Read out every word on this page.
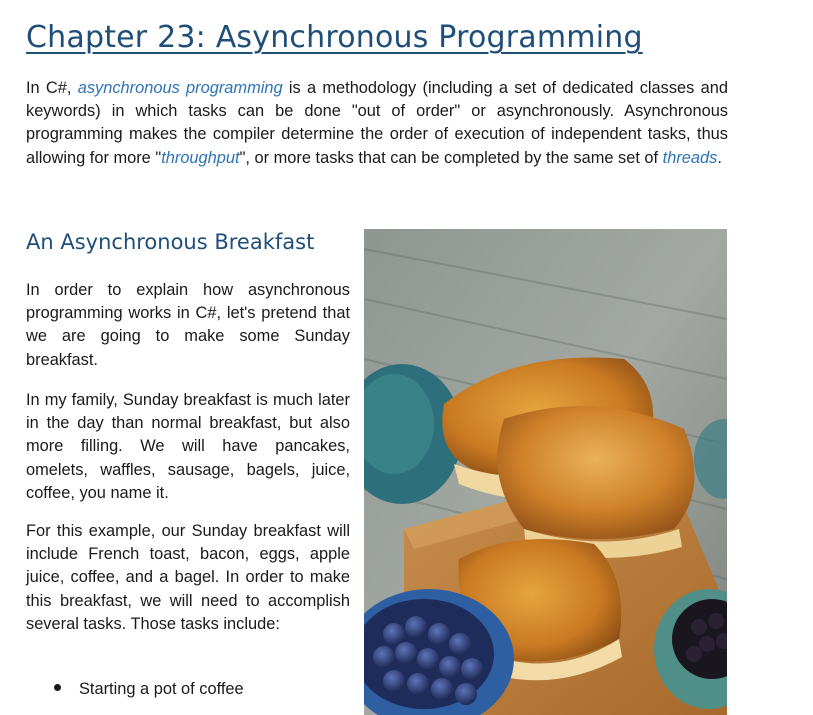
Chapter 23: Asynchronous Programming

In C#, asynchronous programming is a methodology (including a set of dedicated classes and keywords) in which tasks can be done "out of order" or asynchronously. Asynchronous programming makes the compiler determine the order of execution of independent tasks, thus allowing for more "throughput", or more tasks that can be completed by the same set of threads.

An Asynchronous Breakfast

In order to explain how asynchronous programming works in C#, let's pretend that we are going to make some Sunday breakfast.

In my family, Sunday breakfast is much later in the day than normal breakfast, but also more filling. We will have pancakes, omelets, waffles, sausage, bagels, juice, coffee, you name it.

For this example, our Sunday breakfast will include French toast, bacon, eggs, apple juice, coffee, and a bagel. In order to make this breakfast, we will need to accomplish several tasks. Those tasks include:

Starting a pot of coffee
